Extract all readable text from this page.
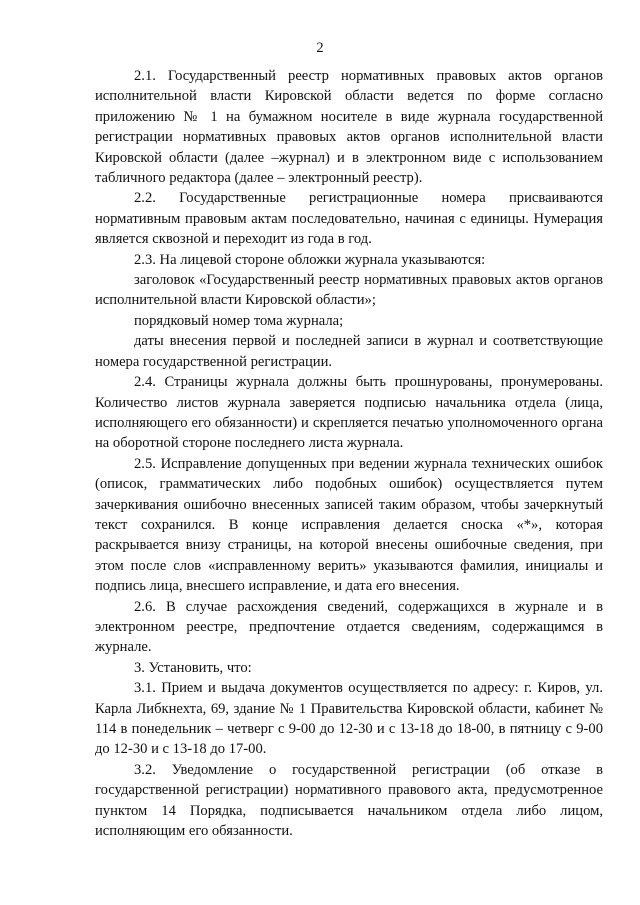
2

2.1. Государственный реестр нормативных правовых актов органов исполнительной власти Кировской области ведется по форме согласно приложению № 1 на бумажном носителе в виде журнала государственной регистрации нормативных правовых актов органов исполнительной власти Кировской области (далее –журнал) и в электронном виде с использованием табличного редактора (далее – электронный реестр).

2.2. Государственные регистрационные номера присваиваются нормативным правовым актам последовательно, начиная с единицы. Нумерация является сквозной и переходит из года в год.

2.3. На лицевой стороне обложки журнала указываются:

заголовок «Государственный реестр нормативных правовых актов органов исполнительной власти Кировской области»;

порядковый номер тома журнала;

даты внесения первой и последней записи в журнал и соответствующие номера государственной регистрации.

2.4. Страницы журнала должны быть прошнурованы, пронумерованы. Количество листов журнала заверяется подписью начальника отдела (лица, исполняющего его обязанности) и скрепляется печатью уполномоченного органа на оборотной стороне последнего листа журнала.

2.5. Исправление допущенных при ведении журнала технических ошибок (описок, грамматических либо подобных ошибок) осуществляется путем зачеркивания ошибочно внесенных записей таким образом, чтобы зачеркнутый текст сохранился. В конце исправления делается сноска «*», которая раскрывается внизу страницы, на которой внесены ошибочные сведения, при этом после слов «исправленному верить» указываются фамилия, инициалы и подпись лица, внесшего исправление, и дата его внесения.

2.6. В случае расхождения сведений, содержащихся в журнале и в электронном реестре, предпочтение отдается сведениям, содержащимся в журнале.

3. Установить, что:

3.1. Прием и выдача документов осуществляется по адресу: г. Киров, ул. Карла Либкнехта, 69, здание № 1 Правительства Кировской области, кабинет № 114 в понедельник – четверг с 9-00 до 12-30 и с 13-18 до 18-00, в пятницу с 9-00 до 12-30 и с 13-18 до 17-00.

3.2. Уведомление о государственной регистрации (об отказе в государственной регистрации) нормативного правового акта, предусмотренное пунктом 14 Порядка, подписывается начальником отдела либо лицом, исполняющим его обязанности.
